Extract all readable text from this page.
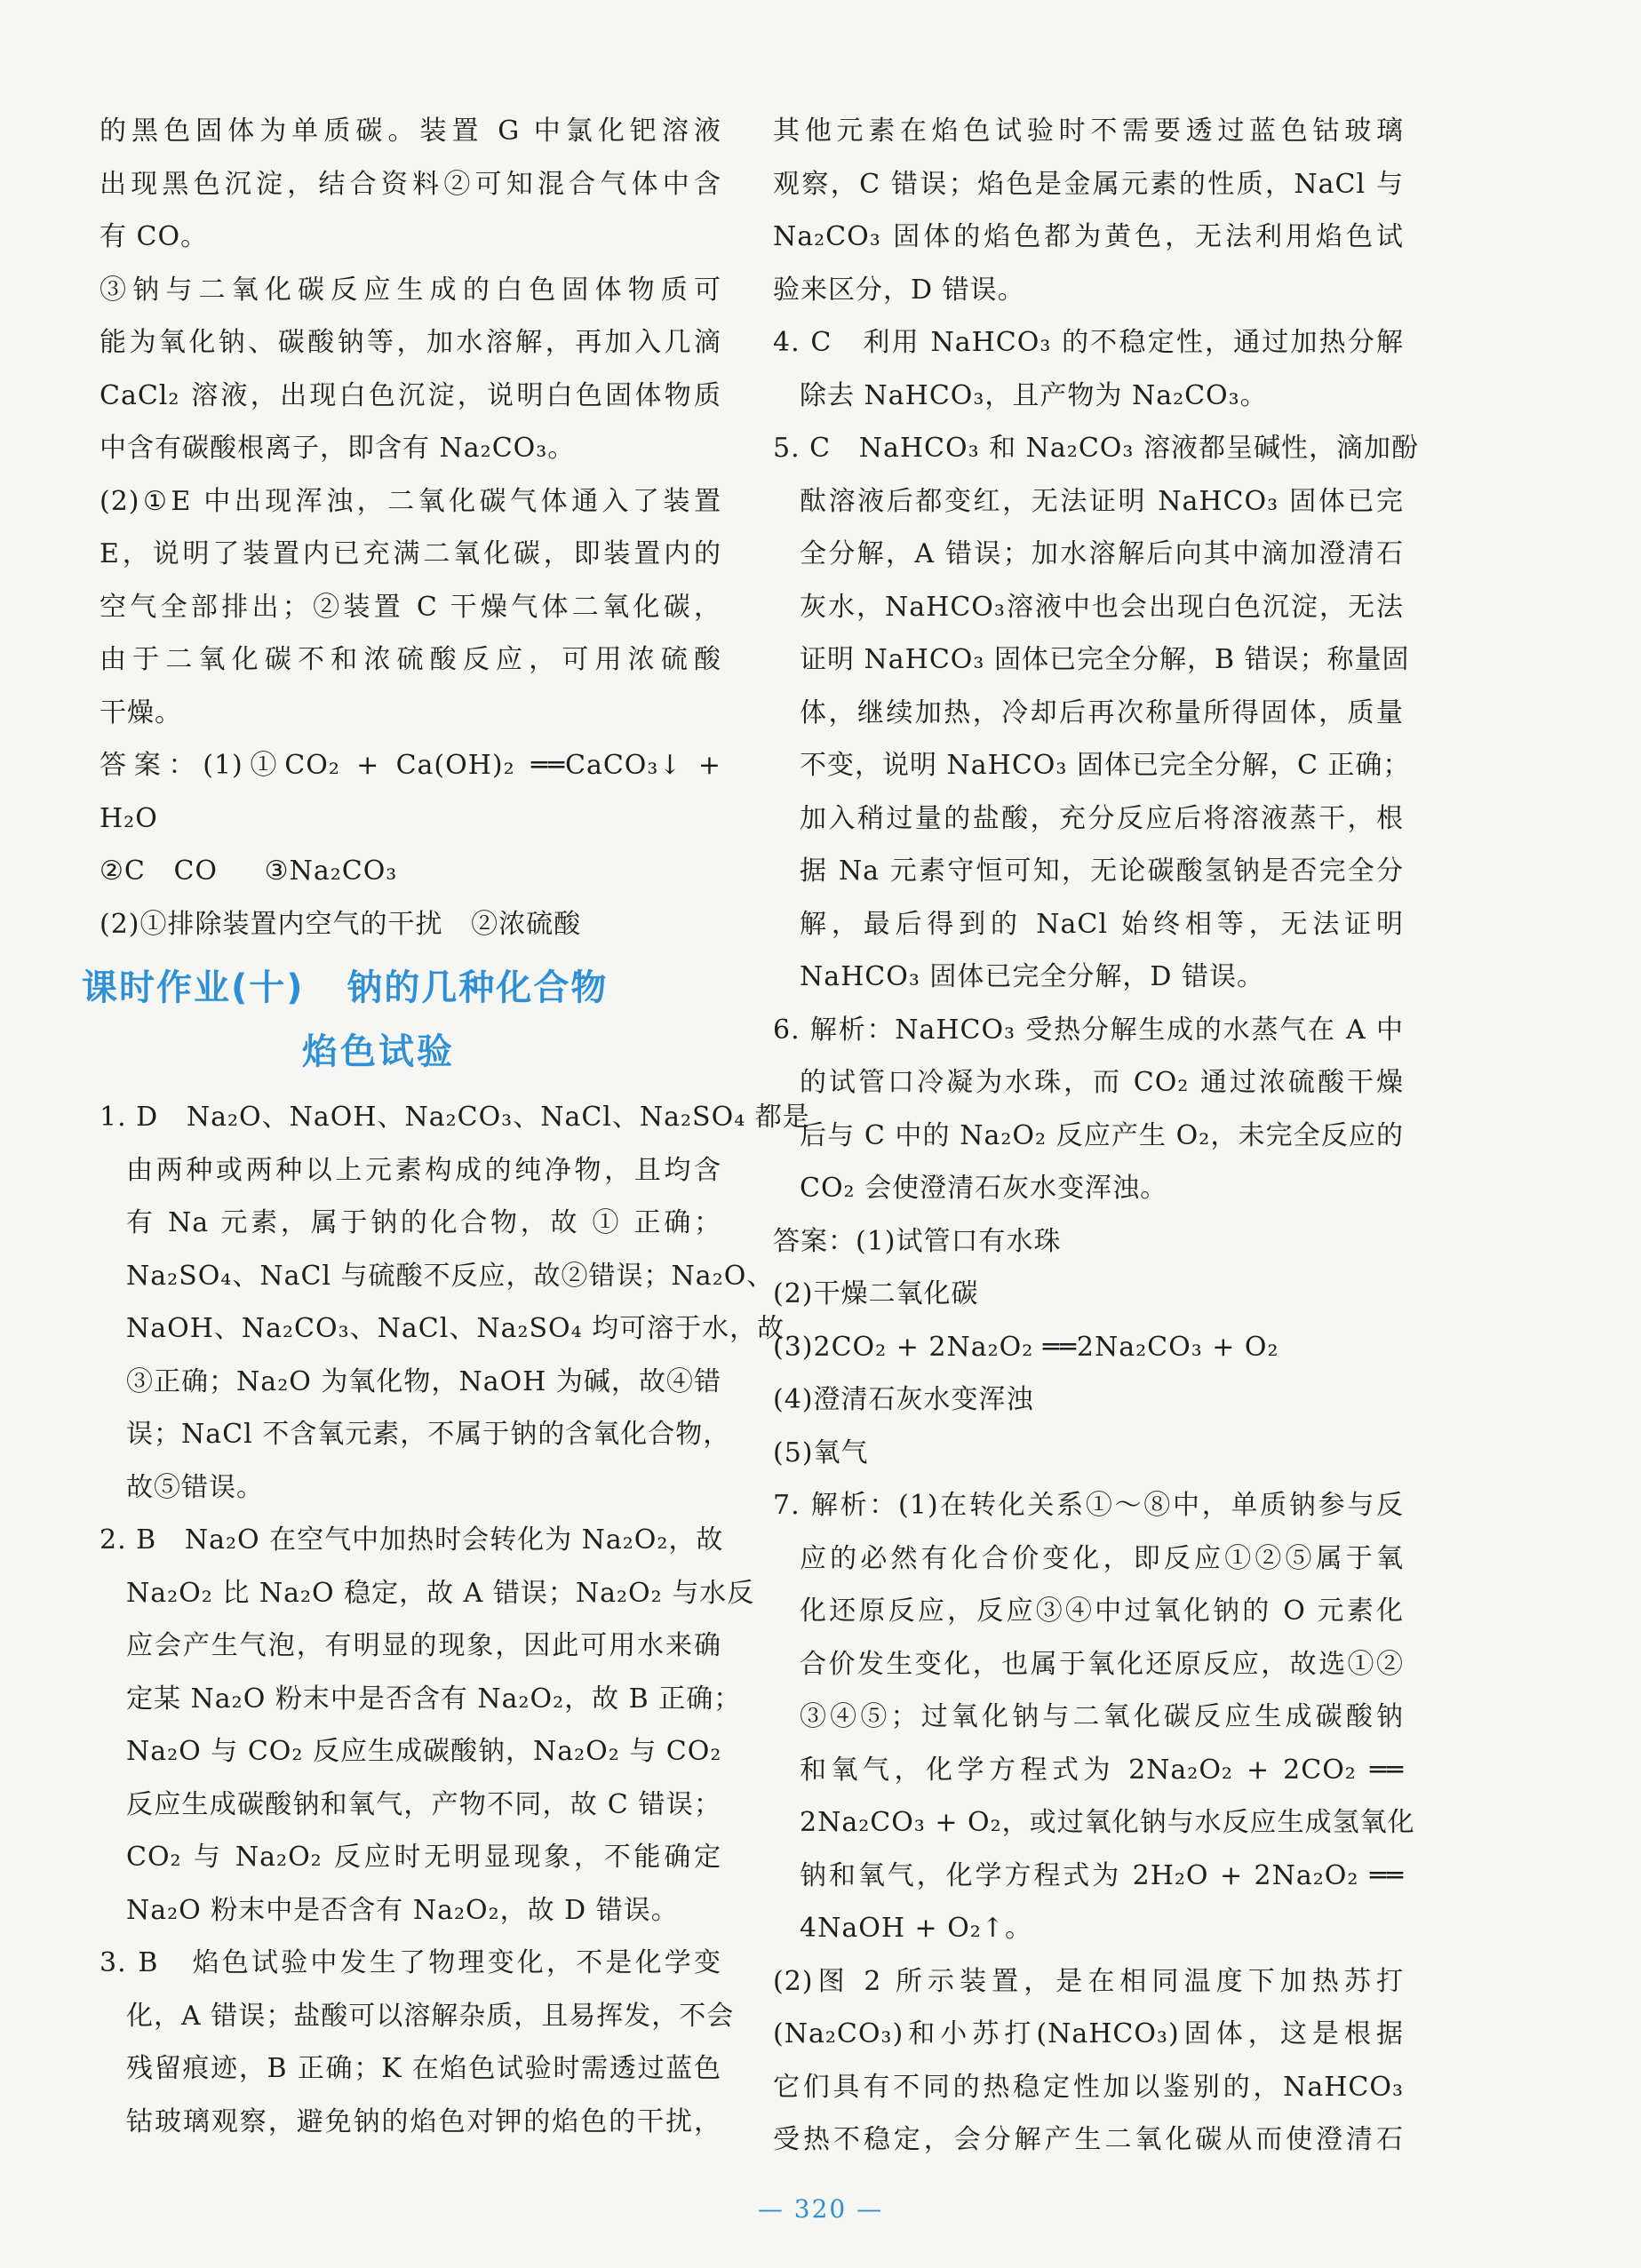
的黑色固体为单质碳。装置 G 中氯化钯溶液
出现黑色沉淀，结合资料②可知混合气体中含
有 CO。
③钠与二氧化碳反应生成的白色固体物质可
能为氧化钠、碳酸钠等，加水溶解，再加入几滴
CaCl₂ 溶液，出现白色沉淀，说明白色固体物质
中含有碳酸根离子，即含有 Na₂CO₃。
(2)①E 中出现浑浊，二氧化碳气体通入了装置
E，说明了装置内已充满二氧化碳，即装置内的
空气全部排出；②装置 C 干燥气体二氧化碳，
由于二氧化碳不和浓硫酸反应，可用浓硫酸
干燥。
答案：(1)①CO₂ + Ca(OH)₂ ══CaCO₃↓ +
H₂O
②C   CO     ③Na₂CO₃
(2)①排除装置内空气的干扰   ②浓硫酸
课时作业(十)   钠的几种化合物
焰色试验
1. D   Na₂O、NaOH、Na₂CO₃、NaCl、Na₂SO₄ 都是
由两种或两种以上元素构成的纯净物，且均含
有 Na 元素，属于钠的化合物，故 ① 正确；
Na₂SO₄、NaCl 与硫酸不反应，故②错误；Na₂O、
NaOH、Na₂CO₃、NaCl、Na₂SO₄ 均可溶于水，故
③正确；Na₂O 为氧化物，NaOH 为碱，故④错
误；NaCl 不含氧元素，不属于钠的含氧化合物，
故⑤错误。
2. B   Na₂O 在空气中加热时会转化为 Na₂O₂，故
Na₂O₂ 比 Na₂O 稳定，故 A 错误；Na₂O₂ 与水反
应会产生气泡，有明显的现象，因此可用水来确
定某 Na₂O 粉末中是否含有 Na₂O₂，故 B 正确；
Na₂O 与 CO₂ 反应生成碳酸钠，Na₂O₂ 与 CO₂
反应生成碳酸钠和氧气，产物不同，故 C 错误；
CO₂ 与 Na₂O₂ 反应时无明显现象，不能确定
Na₂O 粉末中是否含有 Na₂O₂，故 D 错误。
3. B   焰色试验中发生了物理变化，不是化学变
化，A 错误；盐酸可以溶解杂质，且易挥发，不会
残留痕迹，B 正确；K 在焰色试验时需透过蓝色
钴玻璃观察，避免钠的焰色对钾的焰色的干扰，
其他元素在焰色试验时不需要透过蓝色钴玻璃
观察，C 错误；焰色是金属元素的性质，NaCl 与
Na₂CO₃ 固体的焰色都为黄色，无法利用焰色试
验来区分，D 错误。
4. C   利用 NaHCO₃ 的不稳定性，通过加热分解
除去 NaHCO₃，且产物为 Na₂CO₃。
5. C   NaHCO₃ 和 Na₂CO₃ 溶液都呈碱性，滴加酚
酞溶液后都变红，无法证明 NaHCO₃ 固体已完
全分解，A 错误；加水溶解后向其中滴加澄清石
灰水，NaHCO₃溶液中也会出现白色沉淀，无法
证明 NaHCO₃ 固体已完全分解，B 错误；称量固
体，继续加热，冷却后再次称量所得固体，质量
不变，说明 NaHCO₃ 固体已完全分解，C 正确；
加入稍过量的盐酸，充分反应后将溶液蒸干，根
据 Na 元素守恒可知，无论碳酸氢钠是否完全分
解，最后得到的 NaCl 始终相等，无法证明
NaHCO₃ 固体已完全分解，D 错误。
6. 解析：NaHCO₃ 受热分解生成的水蒸气在 A 中
的试管口冷凝为水珠，而 CO₂ 通过浓硫酸干燥
后与 C 中的 Na₂O₂ 反应产生 O₂，未完全反应的
CO₂ 会使澄清石灰水变浑浊。
答案：(1)试管口有水珠
(2)干燥二氧化碳
(3)2CO₂ + 2Na₂O₂ ══2Na₂CO₃ + O₂
(4)澄清石灰水变浑浊
(5)氧气
7. 解析：(1)在转化关系①～⑧中，单质钠参与反
应的必然有化合价变化，即反应①②⑤属于氧
化还原反应，反应③④中过氧化钠的 O 元素化
合价发生变化，也属于氧化还原反应，故选①②
③④⑤；过氧化钠与二氧化碳反应生成碳酸钠
和氧气，化学方程式为 2Na₂O₂ + 2CO₂ ══
2Na₂CO₃ + O₂，或过氧化钠与水反应生成氢氧化
钠和氧气，化学方程式为 2H₂O + 2Na₂O₂ ══
4NaOH + O₂↑。
(2)图 2 所示装置，是在相同温度下加热苏打
(Na₂CO₃)和小苏打(NaHCO₃)固体，这是根据
它们具有不同的热稳定性加以鉴别的，NaHCO₃
受热不稳定，会分解产生二氧化碳从而使澄清石
— 320 —
